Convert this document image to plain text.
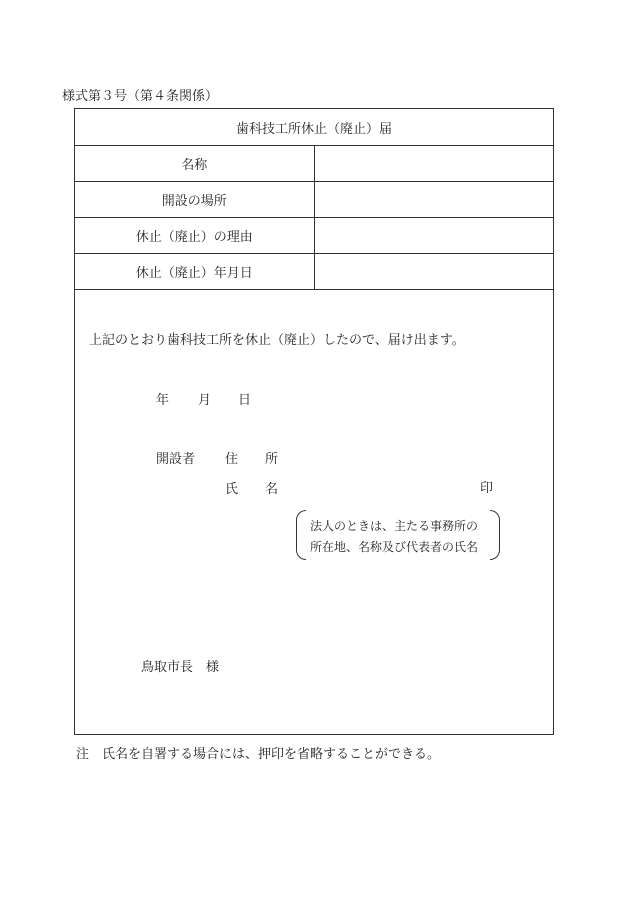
様式第３号（第４条関係）
歯科技工所休止（廃止）届	
名称	
開設の場所	
休止（廃止）の理由	
休止（廃止）年月日	

上記のとおり歯科技工所を休止（廃止）したので、届け出ます。
年 月 日
開設者 住 所
氏 名	印
法人のときは、主たる事務所の
所在地、名称及び代表者の氏名
鳥取市長　様
注　氏名を自署する場合には、押印を省略することができる。
